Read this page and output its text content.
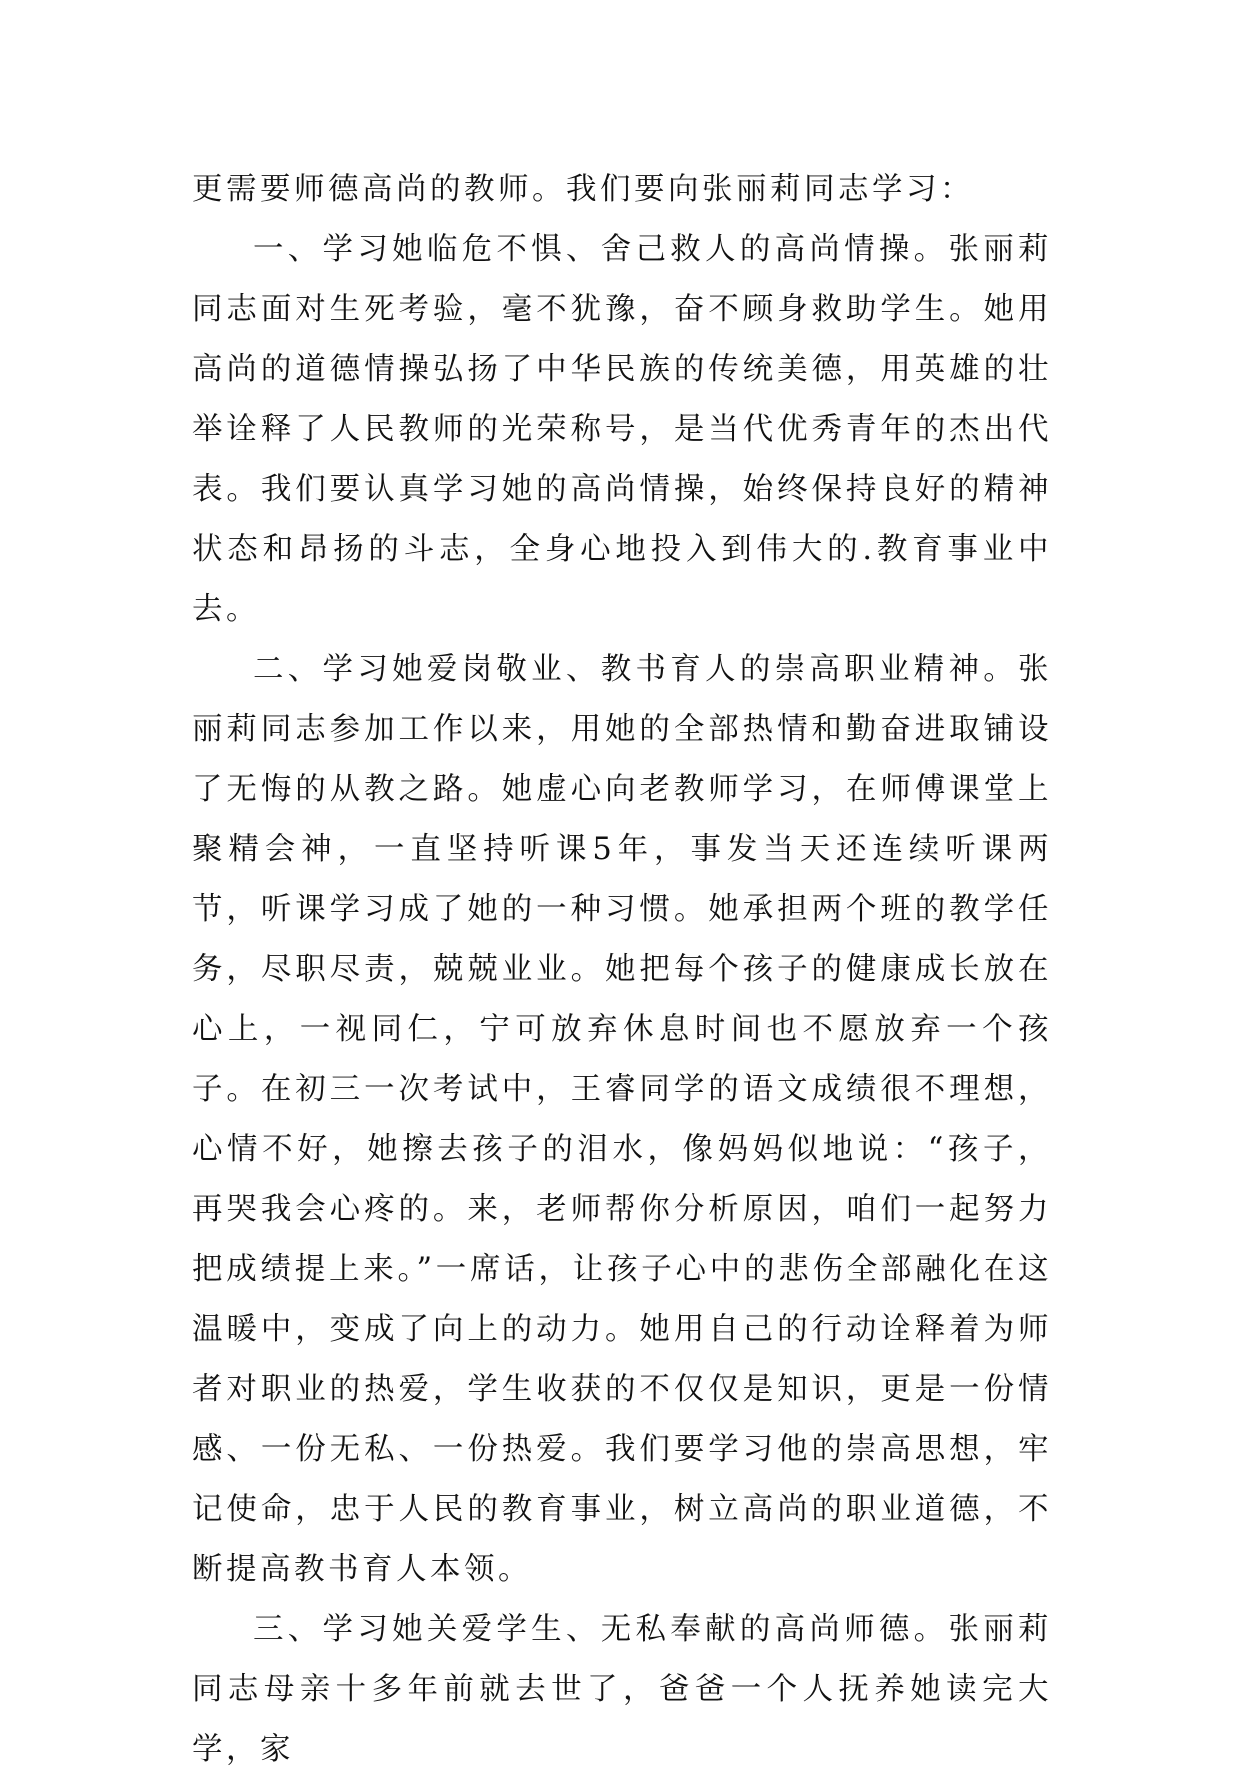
更需要师德高尚的教师。我们要向张丽莉同志学习：

一、学习她临危不惧、舍己救人的高尚情操。张丽莉同志面对生死考验，毫不犹豫，奋不顾身救助学生。她用高尚的道德情操弘扬了中华民族的传统美德，用英雄的壮举诠释了人民教师的光荣称号，是当代优秀青年的杰出代表。我们要认真学习她的高尚情操，始终保持良好的精神状态和昂扬的斗志，全身心地投入到伟大的.教育事业中去。

二、学习她爱岗敬业、教书育人的崇高职业精神。张丽莉同志参加工作以来，用她的全部热情和勤奋进取铺设了无悔的从教之路。她虚心向老教师学习，在师傅课堂上聚精会神，一直坚持听课5年，事发当天还连续听课两节，听课学习成了她的一种习惯。她承担两个班的教学任务，尽职尽责，兢兢业业。她把每个孩子的健康成长放在心上，一视同仁，宁可放弃休息时间也不愿放弃一个孩子。在初三一次考试中，王睿同学的语文成绩很不理想，心情不好，她擦去孩子的泪水，像妈妈似地说：“孩子，再哭我会心疼的。来，老师帮你分析原因，咱们一起努力把成绩提上来。”一席话，让孩子心中的悲伤全部融化在这温暖中，变成了向上的动力。她用自己的行动诠释着为师者对职业的热爱，学生收获的不仅仅是知识，更是一份情感、一份无私、一份热爱。我们要学习他的崇高思想，牢记使命，忠于人民的教育事业，树立高尚的职业道德，不断提高教书育人本领。

三、学习她关爱学生、无私奉献的高尚师德。张丽莉同志母亲十多年前就去世了，爸爸一个人抚养她读完大学，家
